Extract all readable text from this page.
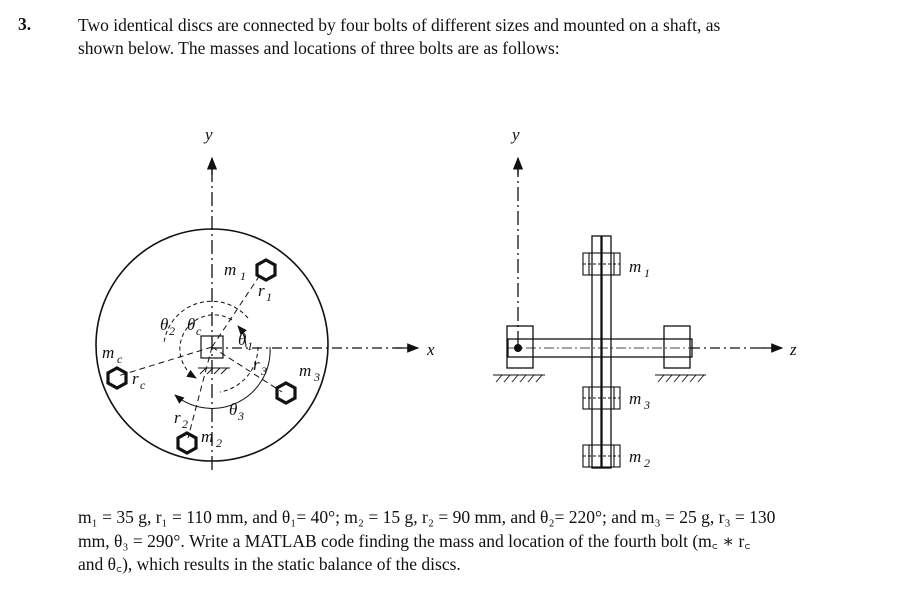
3.	Two identical discs are connected by four bolts of different sizes and mounted on a shaft, as
shown below. The masses and locations of three bolts are as follows:
y
x
m 1
r 1
m 3
r 3
m 2
r 2
m c
r c
θ 2 θ c θ 1
θ 3
y
z
m 1
m 3
m 2
m₁ = 35 g, r₁ = 110 mm, and θ₁= 40°; m₂ = 15 g, r₂ = 90 mm, and θ₂= 220°; and m₃ = 25 g, r₃ = 130
mm, θ₃ = 290°. Write a MATLAB code finding the mass and location of the fourth bolt (m꜀ ∗ r꜀
and θ꜀), which results in the static balance of the discs.
